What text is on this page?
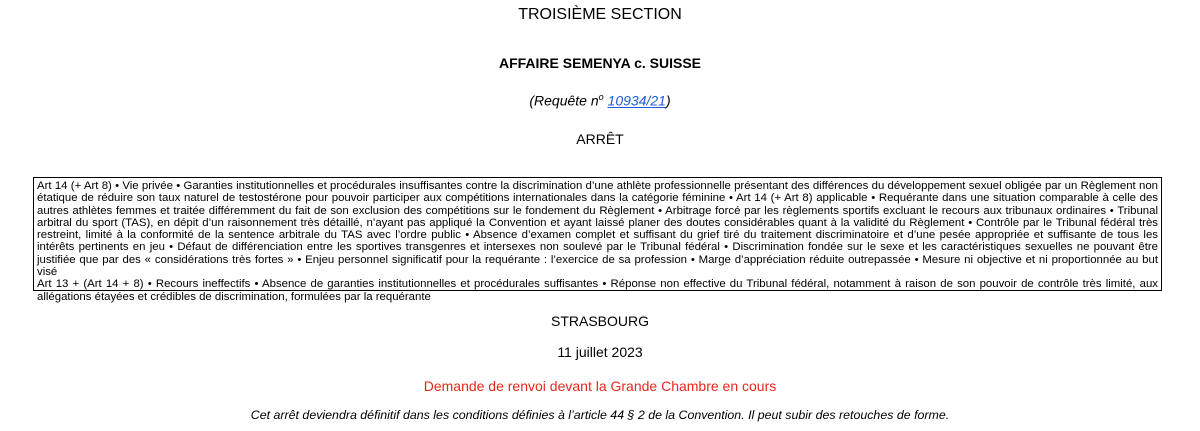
TROISIÈME SECTION
AFFAIRE SEMENYA c. SUISSE
(Requête $n^o$ 10934/21)
ARRÊT

Art 14 (+ Art 8) • Vie privée • Garanties institutionnelles et procédurales insuffisantes contre la discrimination d’une athlète professionnelle présentant des différences du développement sexuel obligée par un Règlement non étatique de réduire son taux naturel de testostérone pour pouvoir participer aux compétitions internationales dans la catégorie féminine • Art 14 (+ Art 8) applicable • Requérante dans une situation comparable à celle des autres athlètes femmes et traitée différemment du fait de son exclusion des compétitions sur le fondement du Règlement • Arbitrage forcé par les règlements sportifs excluant le recours aux tribunaux ordinaires • Tribunal arbitral du sport (TAS), en dépit d’un raisonnement très détaillé, n’ayant pas appliqué la Convention et ayant laissé planer des doutes considérables quant à la validité du Règlement • Contrôle par le Tribunal fédéral très restreint, limité à la conformité de la sentence arbitrale du TAS avec l’ordre public • Absence d’examen complet et suffisant du grief tiré du traitement discriminatoire et d’une pesée appropriée et suffisante de tous les intérêts pertinents en jeu • Défaut de différenciation entre les sportives transgenres et intersexes non soulevé par le Tribunal fédéral • Discrimination fondée sur le sexe et les caractéristiques sexuelles ne pouvant être justifiée que par des « considérations très fortes » • Enjeu personnel significatif pour la requérante : l’exercice de sa profession • Marge d’appréciation réduite outrepassée • Mesure ni objective et ni proportionnée au but visé

Art 13 + (Art 14 + 8) • Recours ineffectifs • Absence de garanties institutionnelles et procédurales suffisantes • Réponse non effective du Tribunal fédéral, notamment à raison de son pouvoir de contrôle très limité, aux allégations étayées et crédibles de discrimination, formulées par la requérante

STRASBOURG
11 juillet 2023
Demande de renvoi devant la Grande Chambre en cours
Cet arrêt deviendra définitif dans les conditions définies à l’article 44 § 2 de la Convention. Il peut subir des retouches de forme.
